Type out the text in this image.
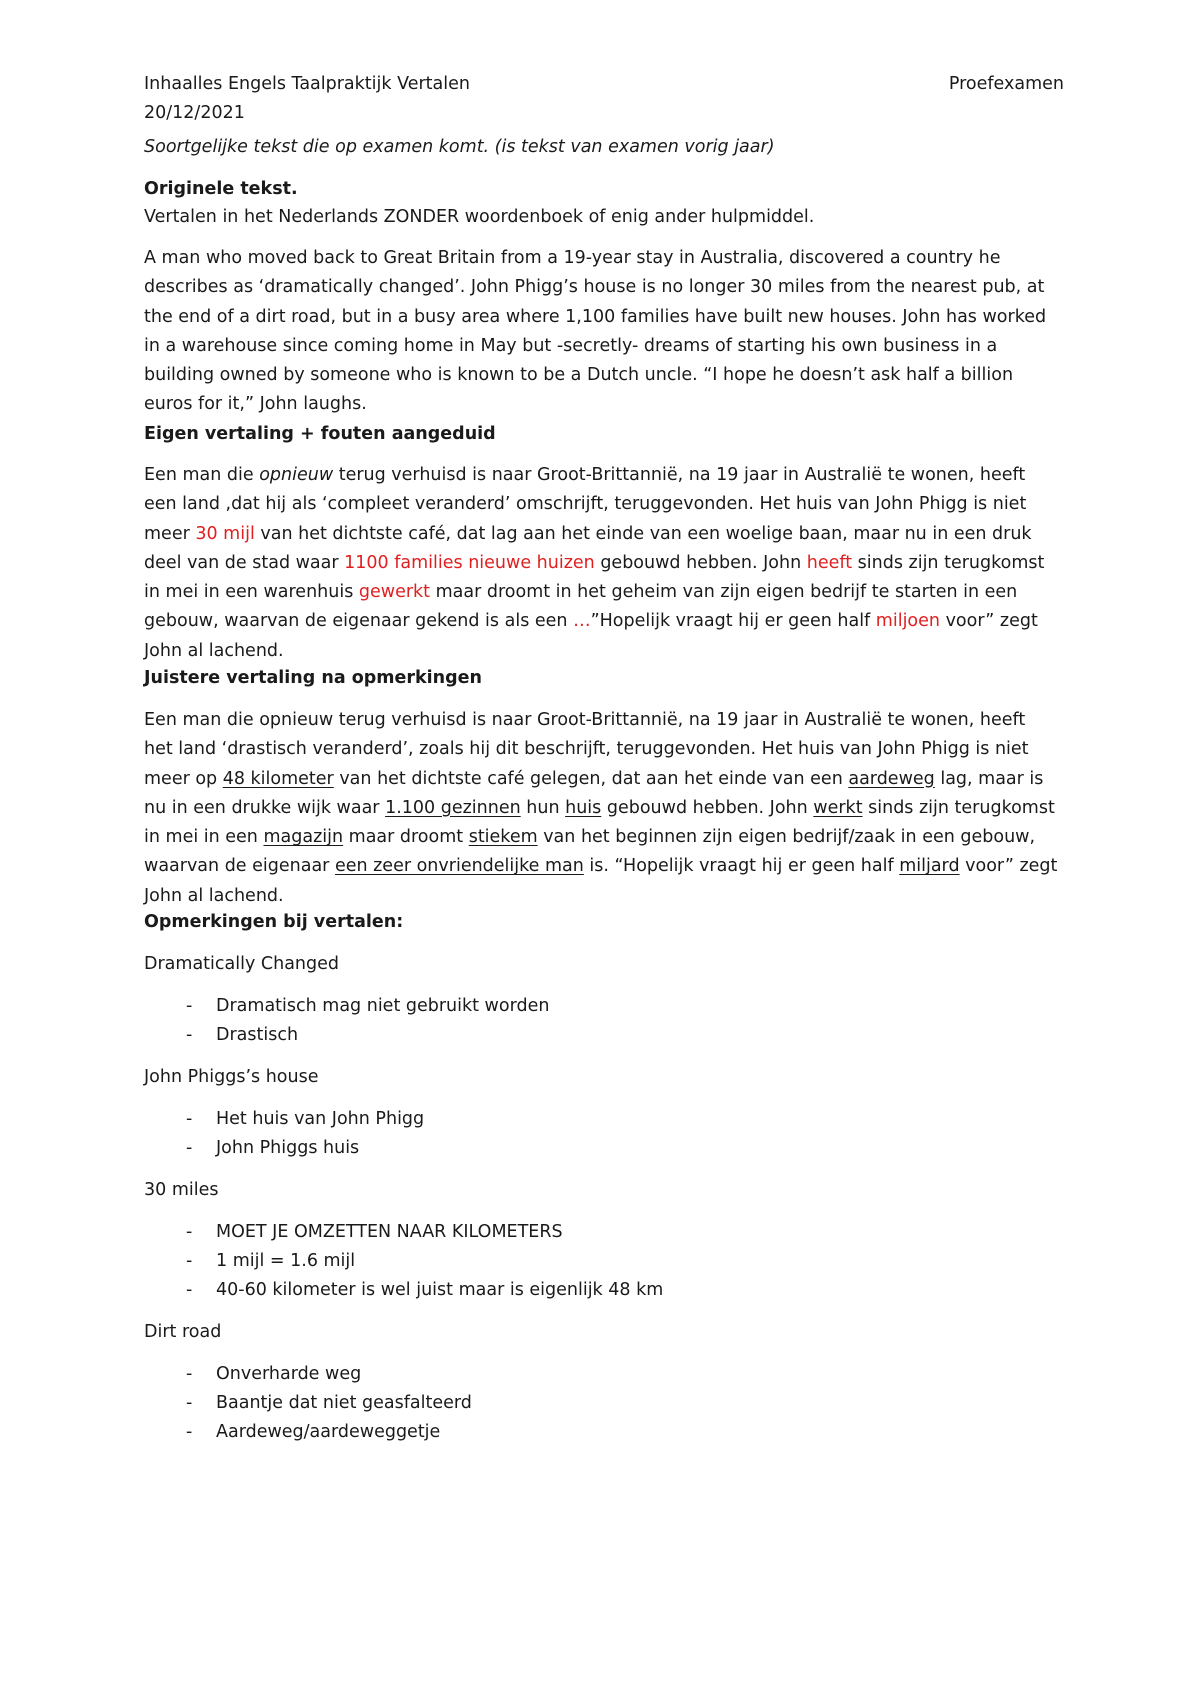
Inhaalles Engels Taalpraktijk Vertalen	Proefexamen
20/12/2021
Soortgelijke tekst die op examen komt. (is tekst van examen vorig jaar)
Originele tekst.
Vertalen in het Nederlands ZONDER woordenboek of enig ander hulpmiddel.
A man who moved back to Great Britain from a 19-year stay in Australia, discovered a country he describes as ‘dramatically changed’. John Phigg’s house is no longer 30 miles from the nearest pub, at the end of a dirt road, but in a busy area where 1,100 families have built new houses. John has worked in a warehouse since coming home in May but -secretly- dreams of starting his own business in a building owned by someone who is known to be a Dutch uncle. “I hope he doesn’t ask half a billion euros for it,” John laughs.
Eigen vertaling + fouten aangeduid
Een man die opnieuw terug verhuisd is naar Groot-Brittannië, na 19 jaar in Australië te wonen, heeft een land ,dat hij als ‘compleet veranderd’ omschrijft, teruggevonden. Het huis van John Phigg is niet meer 30 mijl van het dichtste café, dat lag aan het einde van een woelige baan, maar nu in een druk deel van de stad waar 1100 families nieuwe huizen gebouwd hebben. John heeft sinds zijn terugkomst in mei in een warenhuis gewerkt maar droomt in het geheim van zijn eigen bedrijf te starten in een gebouw, waarvan de eigenaar gekend is als een …”Hopelijk vraagt hij er geen half miljoen voor” zegt John al lachend.
Juistere vertaling na opmerkingen
Een man die opnieuw terug verhuisd is naar Groot-Brittannië, na 19 jaar in Australië te wonen, heeft het land ‘drastisch veranderd’, zoals hij dit beschrijft, teruggevonden. Het huis van John Phigg is niet meer op 48 kilometer van het dichtste café gelegen, dat aan het einde van een aardeweg lag, maar is nu in een drukke wijk waar 1.100 gezinnen hun huis gebouwd hebben. John werkt sinds zijn terugkomst in mei in een magazijn maar droomt stiekem van het beginnen zijn eigen bedrijf/zaak in een gebouw, waarvan de eigenaar een zeer onvriendelijke man is. “Hopelijk vraagt hij er geen half miljard voor” zegt John al lachend.
Opmerkingen bij vertalen:
Dramatically Changed
- Dramatisch mag niet gebruikt worden
- Drastisch
John Phiggs’s house
- Het huis van John Phigg
- John Phiggs huis
30 miles
- MOET JE OMZETTEN NAAR KILOMETERS
- 1 mijl = 1.6 mijl
- 40-60 kilometer is wel juist maar is eigenlijk 48 km
Dirt road
- Onverharde weg
- Baantje dat niet geasfalteerd
- Aardeweg/aardeweggetje
